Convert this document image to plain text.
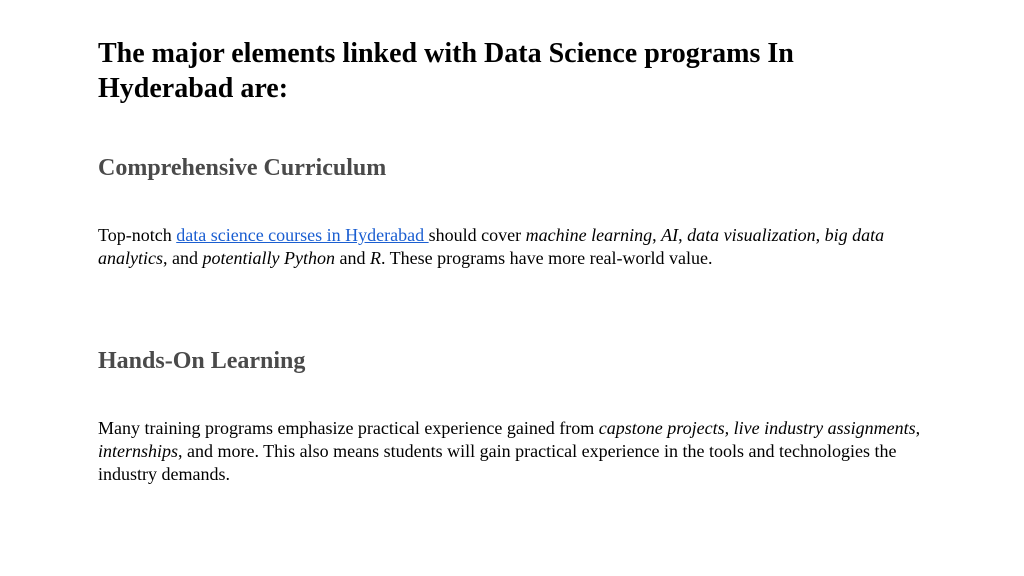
The major elements linked with Data Science programs In Hyderabad are:
Comprehensive Curriculum

Top-notch data science courses in Hyderabad should cover machine learning, AI, data visualization, big data analytics, and potentially Python and R. These programs have more real-world value.

Hands-On Learning

Many training programs emphasize practical experience gained from capstone projects, live industry assignments, internships, and more. This also means students will gain practical experience in the tools and technologies the industry demands.
